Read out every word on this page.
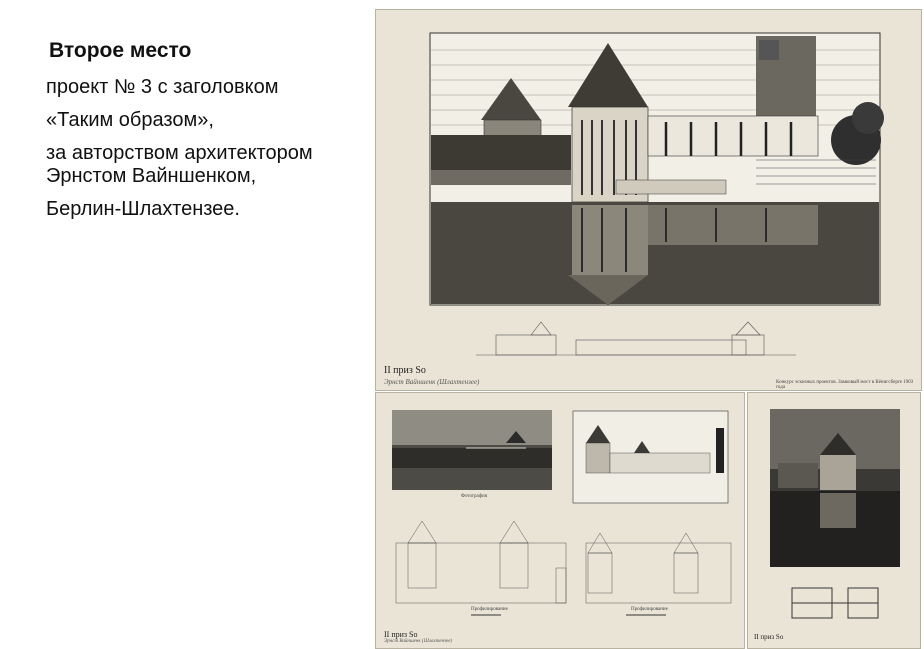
Второе место

проект № 3 с заголовком

«Таким образом»,

за авторством архитектором

Эрнстом Вайншенком,

Берлин-Шлахтензее.

II приз So
Эрнст Вайншенк (Шлахтензее)	Конкурс эскизных проектов. Замковый мост в Кёнигсберге 1903 года
Фотография
Профилирование	Профилирование
II приз So
Эрнст Вайншенк (Шлахтензее)
II приз So
